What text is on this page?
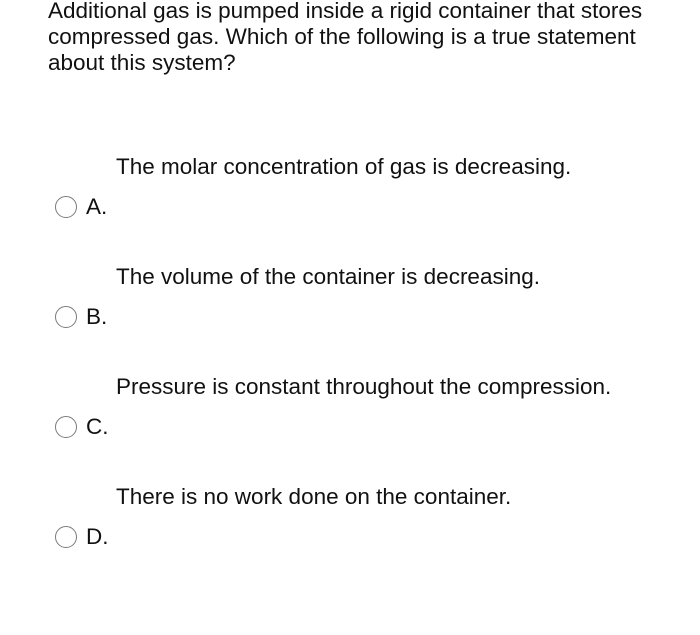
Additional gas is pumped inside a rigid container that stores compressed gas. Which of the following is a true statement about this system?

The molar concentration of gas is decreasing.
A.
The volume of the container is decreasing.
B.
Pressure is constant throughout the compression.
C.
There is no work done on the container.
D.
